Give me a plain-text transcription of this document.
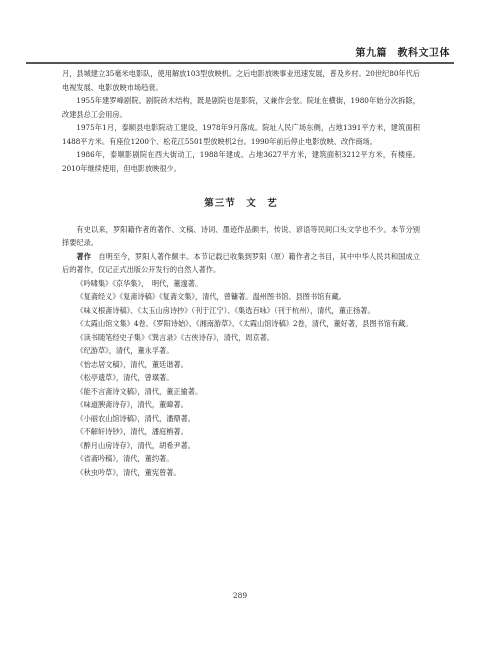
第九篇　教科文卫体

月，县城建立35毫米电影队，使用解放103型放映机。之后电影放映事业迅速发展，普及乡村。20世纪80年代后电视发展、电影放映市场趋衰。

1955年建罗峰剧院。剧院砖木结构，既是剧院也是影院，又兼作会堂。院址在横街，1980年始分次拆除，改建县总工会用房。

1975年1月，泰顺县电影院动工建设，1978年9月落成。院址人民广场东侧，占地1391平方米，建筑面积1488平方米。有座位1200个、松花江5501型放映机2台。1990年前后停止电影放映、改作商场。

1986年，泰顺影剧院在西大街动工，1988年建成。占地3627平方米，建筑面积3212平方米，有楼座。2010年继续使用，但电影放映很少。

第三节　文　艺

有史以来，罗阳籍作者的著作、文稿、诗词、墨迹作品颇丰，传说、谚语等民间口头文学也不少。本节分别择要纪录。

著作　 自明至今，罗阳人著作颇丰。本节记载已收集到罗阳（原）籍作者之书目，其中中华人民共和国成立后的著作，仅记正式出版公开发行的自然人著作。

《吟啸集》《京华集》，　明代，董邃著。
《复斋经义》《复斋诗稿》《复斋文集》，清代，曾镛著。温州图书馆、县图书馆有藏。
《味义根斋诗稿》、《太玉山房诗抄》（刊于江宁）、《集选百咏》（刊于杭州），清代，董正扬著。
《太霞山馆文集》4卷、《罗阳诗始》、《湘南游草》、《太霞山馆诗稿》2卷，清代，董好著，县图书馆有藏。
《读书随笔经史子集》《巽言录》《古侠诗存》，清代，周京著。
《纪游草》，清代，董永孚著。
《怡志居文稿》，清代，董廷谐著。
《松亭遗草》，清代，曾璜著。
《能不言斋诗文稿》，清代，董正揄著。
《味道腴斋诗存》，清代，董暐著。
《小丽农山馆诗稿》，清代，潘鼎著。
《不解轩诗钞》，清代，潘庭柟著。
《醉月山房诗存》，清代，胡希尹著。
《省斋吟稿》，清代，董约著。
《秋虫吟草》，清代，董宪曾著。
289
